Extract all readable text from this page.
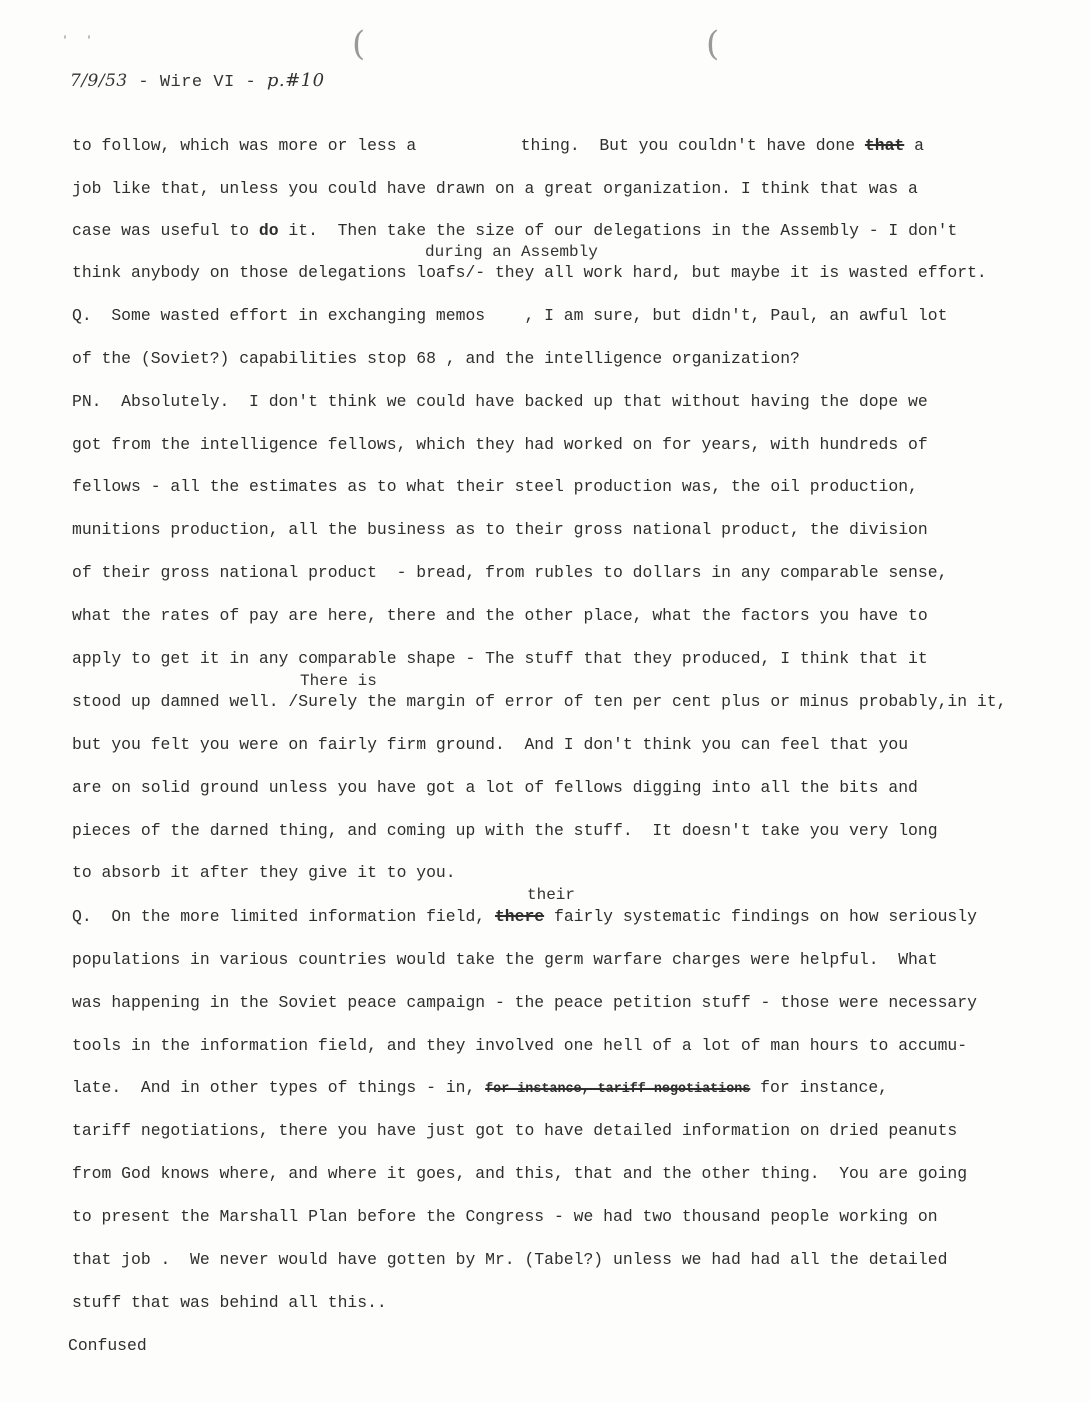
' '	(	(
7/9/53 - Wire VI - p.#10
during an Assembly
There is
their
to follow, which was more or less a	thing.  But you couldn't have done that a
job like that, unless you could have drawn on a great organization. I think that was a
case was useful to do it.  Then take the size of our delegations in the Assembly - I don't
think anybody on those delegations loafs/- they all work hard, but maybe it is wasted effort.
Q.  Some wasted effort in exchanging memos    , I am sure, but didn't, Paul, an awful lot
of the (Soviet?) capabilities stop 68 , and the intelligence organization?
PN.  Absolutely.  I don't think we could have backed up that without having the dope we
got from the intelligence fellows, which they had worked on for years, with hundreds of
fellows - all the estimates as to what their steel production was, the oil production,
munitions production, all the business as to their gross national product, the division
of their gross national product  - bread, from rubles to dollars in any comparable sense,
what the rates of pay are here, there and the other place, what the factors you have to
apply to get it in any comparable shape - The stuff that they produced, I think that it
stood up damned well. /Surely the margin of error of ten per cent plus or minus probably,in it,
but you felt you were on fairly firm ground.  And I don't think you can feel that you
are on solid ground unless you have got a lot of fellows digging into all the bits and
pieces of the darned thing, and coming up with the stuff.  It doesn't take you very long
to absorb it after they give it to you.
Q.  On the more limited information field, there fairly systematic findings on how seriously
populations in various countries would take the germ warfare charges were helpful.  What
was happening in the Soviet peace campaign - the peace petition stuff - those were necessary
tools in the information field, and they involved one hell of a lot of man hours to accumu-
late.  And in other types of things - in, for instance, tariff negotiations for instance,
tariff negotiations, there you have just got to have detailed information on dried peanuts
from God knows where, and where it goes, and this, that and the other thing.  You are going
to present the Marshall Plan before the Congress - we had two thousand people working on
that job .  We never would have gotten by Mr. (Tabel?) unless we had had all the detailed
stuff that was behind all this..
Confused
